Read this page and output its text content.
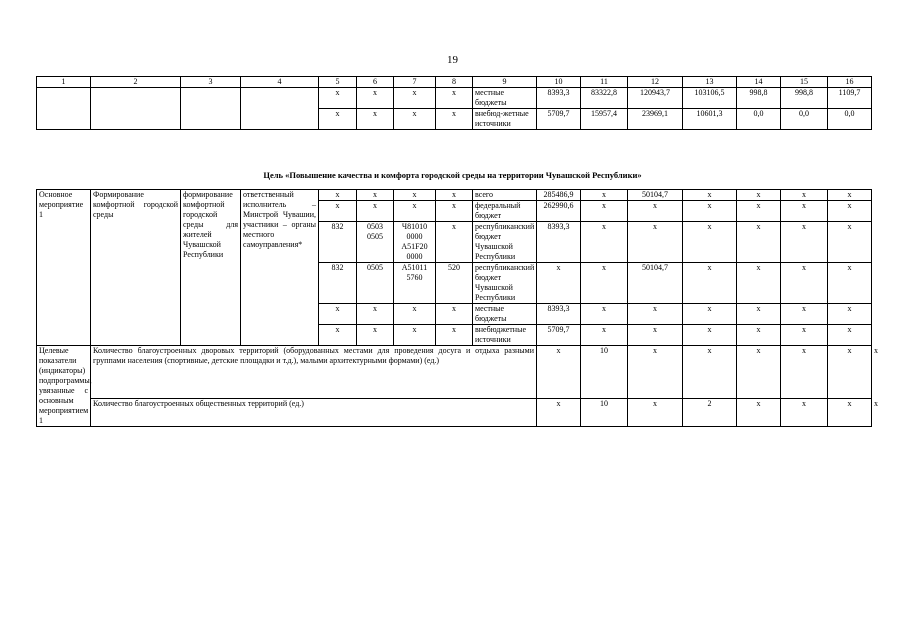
19
1	2	3	4	5	6	7	8	9	10	11	12	13	14	15	16
				х	х	х	х	местные бюджеты	8393,3	83322,8	120943,7	103106,5	998,8	998,8	1109,7
				х	х	х	х	внебюд-жетные источники	5709,7	15957,4	23969,1	10601,3	0,0	0,0	0,0
Цель «Повышение качества и комфорта городской среды на территории Чувашской Республики»
Основное мероприятие 1	Формирование комфортной городской среды	формирование комфортной городской среды для жителей Чувашской Республики	ответственный исполнитель – Минстрой Чувашии, участники – органы местного самоуправления*	х	х	х	х	всего	285486,9	х	50104,7	х	х	х	х	
				х	х	х	х	федеральный бюджет	262990,6	х	х	х	х	х	х	
				832	0503 0505	Ч81010 0000 А51F20 0000	х	республиканский бюджет Чувашской Республики	8393,3	х	х	х	х	х	х	
				832	0505	А51011 5760	520	республиканский бюджет Чувашской Республики	х	х	50104,7	х	х	х	х	
				х	х	х	х	местные бюджеты	8393,3	х	х	х	х	х	х	
				х	х	х	х	внебюджетные источники	5709,7	х	х	х	х	х	х	
Целевые показатели (индикаторы) подпрограммы, увязанные с основным мероприятием 1	Количество благоустроенных дворовых территорий (оборудованных местами для проведения досуга и отдыха разными группами населения (спортивные, детские площадки и т.д.), малыми архитектурными формами) (ед.)								х	10	х	х	х	х	х	х
	Количество благоустроенных общественных территорий (ед.)								х	10	х	2	х	х	х	х
